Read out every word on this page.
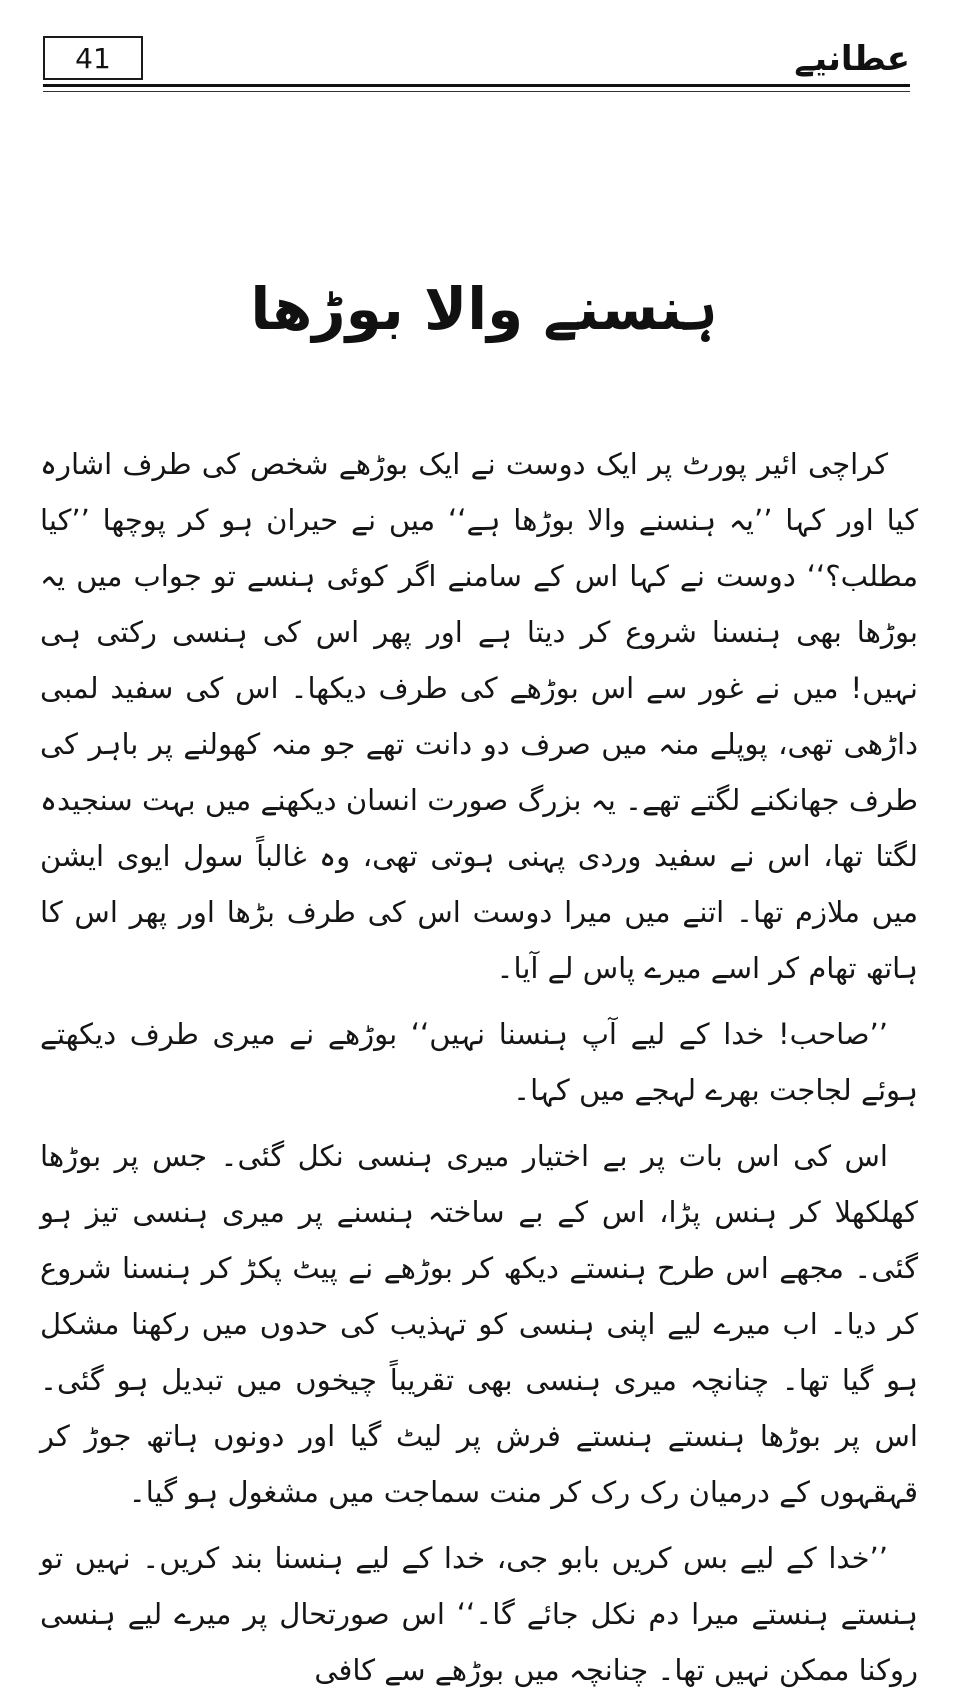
41	عطانیے
ہنسنے والا بوڑھا

کراچی ائیر پورٹ پر ایک دوست نے ایک بوڑھے شخص کی طرف اشارہ کیا اور کہا ’’یہ ہنسنے والا بوڑھا ہے‘‘ میں نے حیران ہو کر پوچھا ’’کیا مطلب؟‘‘ دوست نے کہا اس کے سامنے اگر کوئی ہنسے تو جواب میں یہ بوڑھا بھی ہنسنا شروع کر دیتا ہے اور پھر اس کی ہنسی رکتی ہی نہیں! میں نے غور سے اس بوڑھے کی طرف دیکھا۔ اس کی سفید لمبی داڑھی تھی، پوپلے منہ میں صرف دو دانت تھے جو منہ کھولنے پر باہر کی طرف جھانکنے لگتے تھے۔ یہ بزرگ صورت انسان دیکھنے میں بہت سنجیدہ لگتا تھا، اس نے سفید وردی پہنی ہوتی تھی، وہ غالباً سول ایوی ایشن میں ملازم تھا۔ اتنے میں میرا دوست اس کی طرف بڑھا اور پھر اس کا ہاتھ تھام کر اسے میرے پاس لے آیا۔

’’صاحب! خدا کے لیے آپ ہنسنا نہیں‘‘ بوڑھے نے میری طرف دیکھتے ہوئے لجاجت بھرے لہجے میں کہا۔

اس کی اس بات پر بے اختیار میری ہنسی نکل گئی۔ جس پر بوڑھا کھلکھلا کر ہنس پڑا، اس کے بے ساختہ ہنسنے پر میری ہنسی تیز ہو گئی۔ مجھے اس طرح ہنستے دیکھ کر بوڑھے نے پیٹ پکڑ کر ہنسنا شروع کر دیا۔ اب میرے لیے اپنی ہنسی کو تہذیب کی حدوں میں رکھنا مشکل ہو گیا تھا۔ چنانچہ میری ہنسی بھی تقریباً چیخوں میں تبدیل ہو گئی۔ اس پر بوڑھا ہنستے ہنستے فرش پر لیٹ گیا اور دونوں ہاتھ جوڑ کر قہقہوں کے درمیان رک رک کر منت سماجت میں مشغول ہو گیا۔

’’خدا کے لیے بس کریں بابو جی، خدا کے لیے ہنسنا بند کریں۔ نہیں تو ہنستے ہنستے میرا دم نکل جائے گا۔‘‘ اس صورتحال پر میرے لیے ہنسی روکنا ممکن نہیں تھا۔ چنانچہ میں بوڑھے سے کافی
